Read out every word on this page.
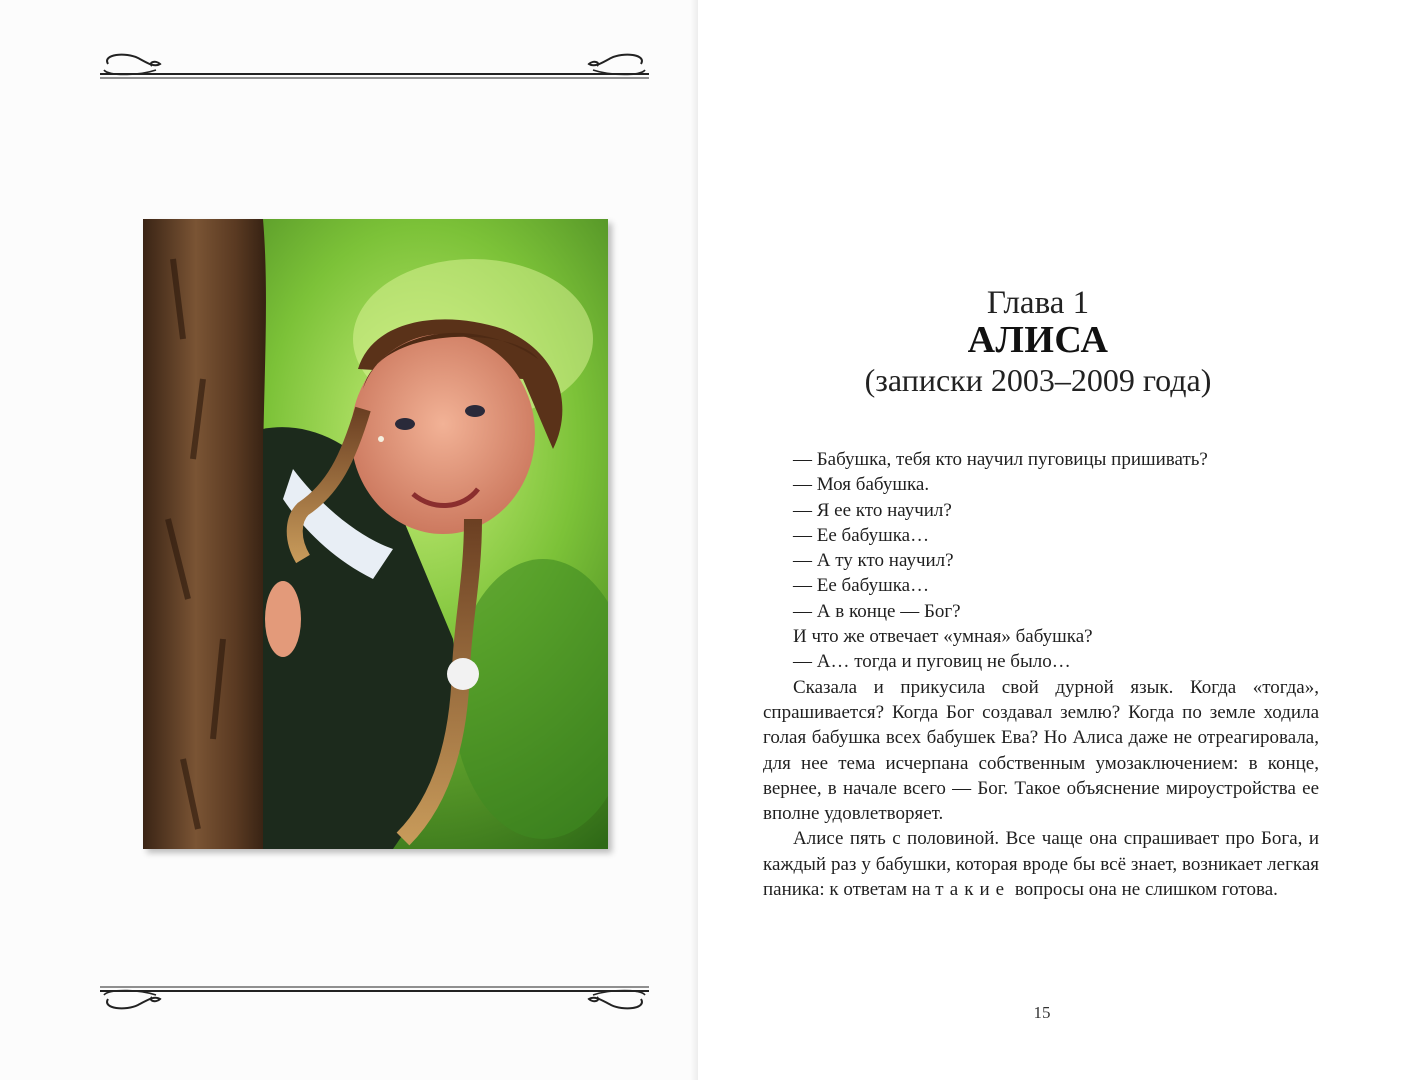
Глава 1
АЛИСА
(записки 2003–2009 года)

— Бабушка, тебя кто научил пуговицы пришивать?

— Моя бабушка.

— Я ее кто научил?

— Ее бабушка…

— А ту кто научил?

— Ее бабушка…

— А в конце — Бог?

И что же отвечает «умная» бабушка?

— А… тогда и пуговиц не было…

Сказала и прикусила свой дурной язык. Когда «тогда», спрашивается? Когда Бог создавал землю? Когда по земле ходила голая бабушка всех бабушек Ева? Но Алиса даже не отреагировала, для нее тема исчерпана собственным умозаключением: в конце, вернее, в начале всего — Бог. Такое объяснение мироустройства ее вполне удовлетворяет.

Алисе пять с половиной. Все чаще она спрашивает про Бога, и каждый раз у бабушки, которая вроде бы всё знает, возникает легкая паника: к ответам на такие вопросы она не слишком готова.

15
